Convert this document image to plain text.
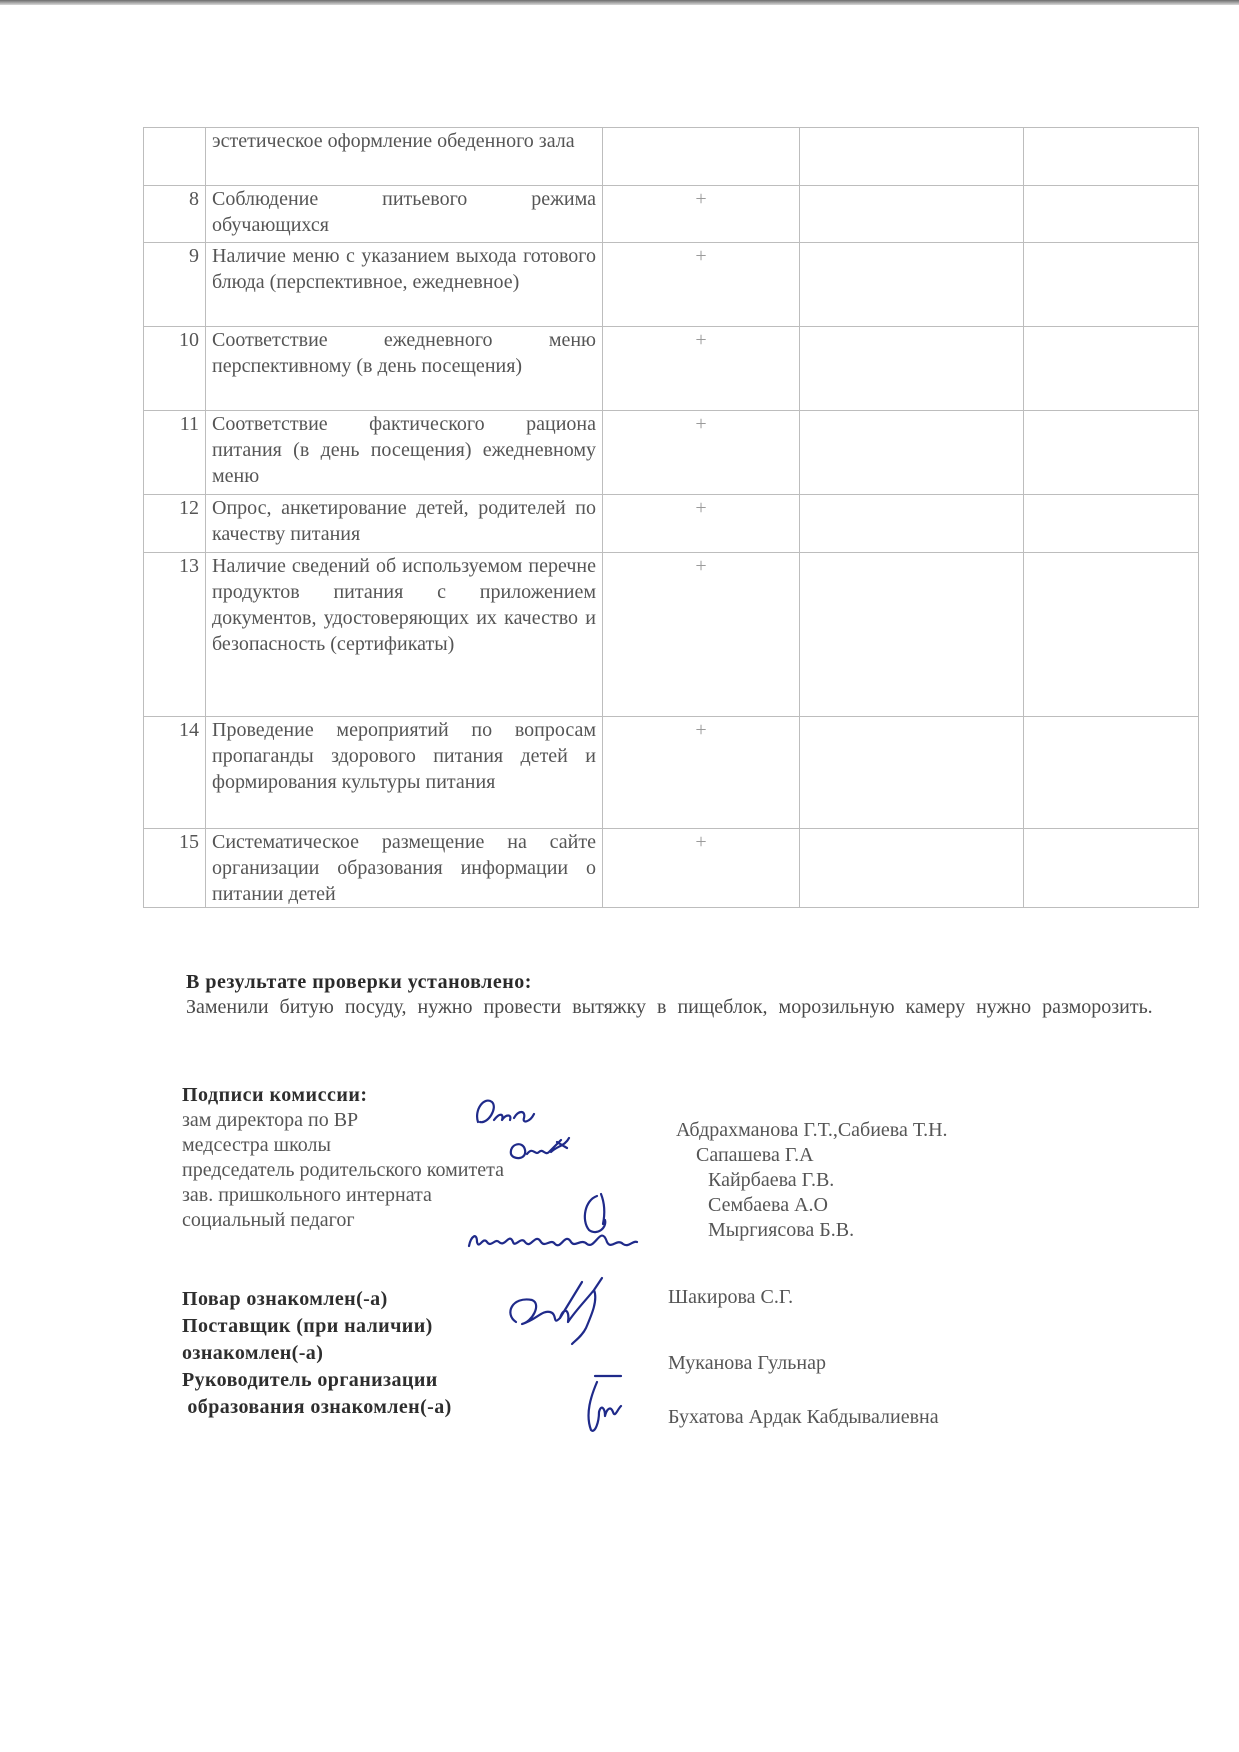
	эстетическое оформление обеденного зала			
8	Соблюдение питьевого режима обучающихся	+		
9	Наличие меню с указанием выхода готового блюда (перспективное, ежедневное)	+		
10	Соответствие ежедневного меню перспективному (в день посещения)	+		
11	Соответствие фактического рациона питания (в день посещения) ежедневному меню	+		
12	Опрос, анкетирование детей, родителей по качеству питания	+		
13	Наличие сведений об используемом перечне продуктов питания с приложением документов, удостоверяющих их качество и безопасность (сертификаты)	+		
14	Проведение мероприятий по вопросам пропаганды здорового питания детей и формирования культуры питания	+		
15	Систематическое размещение на сайте организации образования информации о питании детей	+		
В результате проверки установлено:
Заменили битую посуду, нужно провести вытяжку в пищеблок, морозильную камеру нужно разморозить.
Подписи комиссии:
зам директора по ВР
медсестра школы
председатель родительского комитета
зав. пришкольного интерната
социальный педагог
Абдрахманова Г.Т.,Сабиева Т.Н.
Сапашева Г.А
Кайрбаева Г.В.
Сембаева А.О
Мыргиясова Б.В.
Повар ознакомлен(-а)
Поставщик (при наличии)
ознакомлен(-а)
Руководитель организации
образования ознакомлен(-а)
Шакирова С.Г.
Муканова Гульнар
Бухатова Ардак Кабдывалиевна
